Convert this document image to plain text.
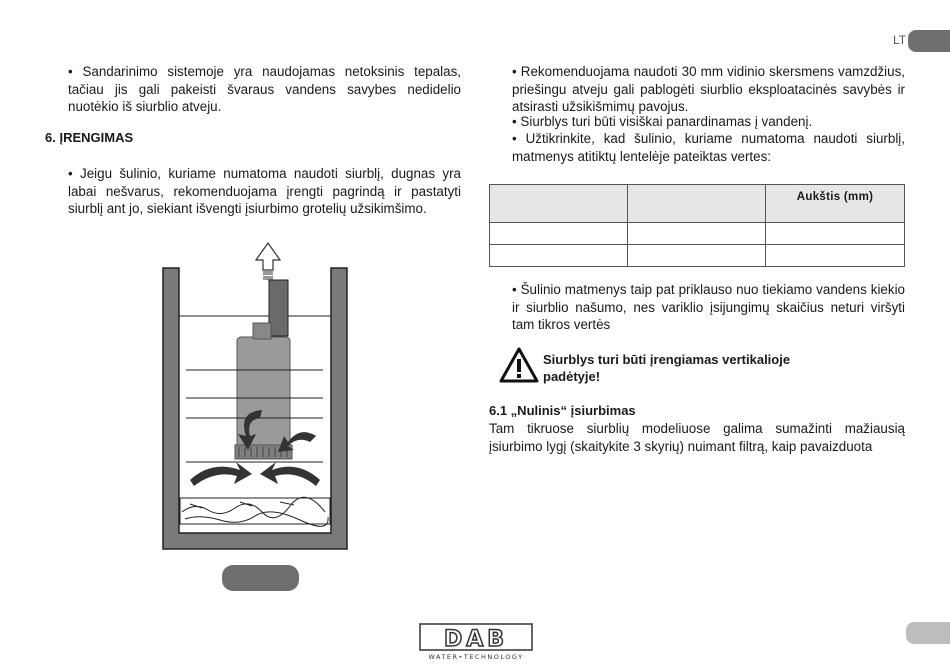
LT

• Sandarinimo sistemoje yra naudojamas netoksinis tepalas, tačiau jis gali pakeisti švaraus vandens savybes nedidelio nuotėkio iš siurblio atveju.

6. ĮRENGIMAS

• Jeigu šulinio, kuriame numatoma naudoti siurblį, dugnas yra labai nešvarus, rekomenduojama įrengti pagrindą ir pastatyti siurblį ant jo, siekiant išvengti įsiurbimo grotelių užsikimšimo.

• Rekomenduojama naudoti 30 mm vidinio skersmens vamzdžius, priešingu atveju gali pablogėti siurblio eksploatacinės savybės ir atsirasti užsikišmimų pavojus.

• Siurblys turi būti visiškai panardinamas į vandenį.

• Užtikrinkite, kad šulinio, kuriame numatoma naudoti siurblį, matmenys atitiktų lentelėje pateiktas vertes:

		Aukštis (mm)

• Šulinio matmenys taip pat priklauso nuo tiekiamo vandens kiekio ir siurblio našumo, nes variklio įsijungimų skaičius neturi viršyti tam tikros vertės

Siurblys turi būti įrengiamas vertikalioje padėtyje!

6.1 „Nulinis“ įsiurbimas

Tam tikruose siurblių modeliuose galima sumažinti mažiausią įsiurbimo lygį (skaitykite 3 skyrių) nuimant filtrą, kaip pavaizduota

DAB
WATER•TECHNOLOGY
